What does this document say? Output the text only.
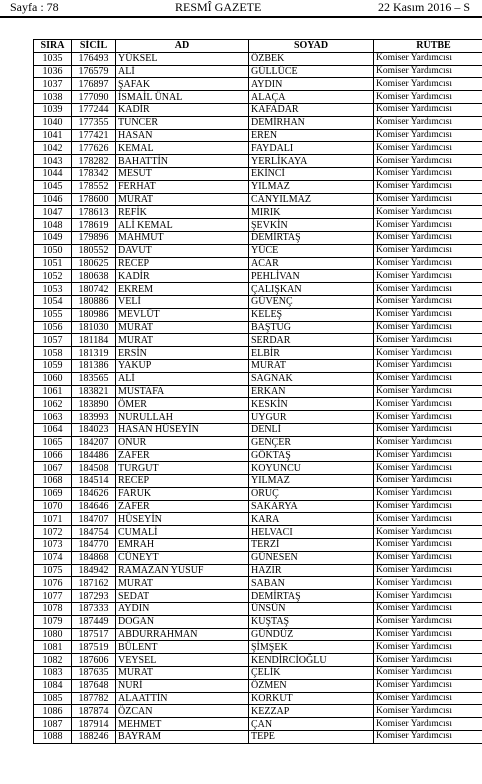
Sayfa : 78	RESMÎ GAZETE	22 Kasım 2016 – S
SIRA	SİCİL	AD	SOYAD	RÜTBE
1035	176493	YÜKSEL	ÖZBEK	Komiser Yardımcısı
1036	176579	ALİ	GÜLLÜCE	Komiser Yardımcısı
1037	176897	ŞAFAK	AYDIN	Komiser Yardımcısı
1038	177090	İSMAİL ÜNAL	ALAÇA	Komiser Yardımcısı
1039	177244	KADİR	KAFADAR	Komiser Yardımcısı
1040	177355	TUNCER	DEMİRHAN	Komiser Yardımcısı
1041	177421	HASAN	EREN	Komiser Yardımcısı
1042	177626	KEMAL	FAYDALI	Komiser Yardımcısı
1043	178282	BAHATTİN	YERLİKAYA	Komiser Yardımcısı
1044	178342	MESUT	EKİNCİ	Komiser Yardımcısı
1045	178552	FERHAT	YILMAZ	Komiser Yardımcısı
1046	178600	MURAT	CANYILMAZ	Komiser Yardımcısı
1047	178613	REFİK	MIRIK	Komiser Yardımcısı
1048	178619	ALİ KEMAL	ŞEVKİN	Komiser Yardımcısı
1049	179896	MAHMUT	DEMİRTAŞ	Komiser Yardımcısı
1050	180552	DAVUT	YÜCE	Komiser Yardımcısı
1051	180625	RECEP	ACAR	Komiser Yardımcısı
1052	180638	KADİR	PEHLİVAN	Komiser Yardımcısı
1053	180742	EKREM	ÇALIŞKAN	Komiser Yardımcısı
1054	180886	VELİ	GÜVENÇ	Komiser Yardımcısı
1055	180986	MEVLÜT	KELEŞ	Komiser Yardımcısı
1056	181030	MURAT	BAŞTUĞ	Komiser Yardımcısı
1057	181184	MURAT	SERDAR	Komiser Yardımcısı
1058	181319	ERSİN	ELBİR	Komiser Yardımcısı
1059	181386	YAKUP	MURAT	Komiser Yardımcısı
1060	183565	ALİ	SAĞNAK	Komiser Yardımcısı
1061	183821	MUSTAFA	ERKAN	Komiser Yardımcısı
1062	183890	ÖMER	KESKİN	Komiser Yardımcısı
1063	183993	NURULLAH	UYGUR	Komiser Yardımcısı
1064	184023	HASAN HÜSEYİN	DENLİ	Komiser Yardımcısı
1065	184207	ONUR	GENÇER	Komiser Yardımcısı
1066	184486	ZAFER	GÖKTAŞ	Komiser Yardımcısı
1067	184508	TURGUT	KOYUNCU	Komiser Yardımcısı
1068	184514	RECEP	YILMAZ	Komiser Yardımcısı
1069	184626	FARUK	ORUÇ	Komiser Yardımcısı
1070	184646	ZAFER	SAKARYA	Komiser Yardımcısı
1071	184707	HÜSEYİN	KARA	Komiser Yardımcısı
1072	184754	CUMALİ	HELVACI	Komiser Yardımcısı
1073	184770	EMRAH	TERZİ	Komiser Yardımcısı
1074	184868	CÜNEYT	GÜNESEN	Komiser Yardımcısı
1075	184942	RAMAZAN YUSUF	HAZIR	Komiser Yardımcısı
1076	187162	MURAT	SABAN	Komiser Yardımcısı
1077	187293	SEDAT	DEMİRTAŞ	Komiser Yardımcısı
1078	187333	AYDIN	ÜNSÜN	Komiser Yardımcısı
1079	187449	DOĞAN	KUŞTAŞ	Komiser Yardımcısı
1080	187517	ABDURRAHMAN	GÜNDÜZ	Komiser Yardımcısı
1081	187519	BÜLENT	ŞİMŞEK	Komiser Yardımcısı
1082	187606	VEYSEL	KENDİRCİOĞLU	Komiser Yardımcısı
1083	187635	MURAT	ÇELİK	Komiser Yardımcısı
1084	187648	NURİ	ÖZMEN	Komiser Yardımcısı
1085	187782	ALAATTİN	KORKUT	Komiser Yardımcısı
1086	187874	ÖZCAN	KEZZAP	Komiser Yardımcısı
1087	187914	MEHMET	ÇAN	Komiser Yardımcısı
1088	188246	BAYRAM	TEPE	Komiser Yardımcısı
